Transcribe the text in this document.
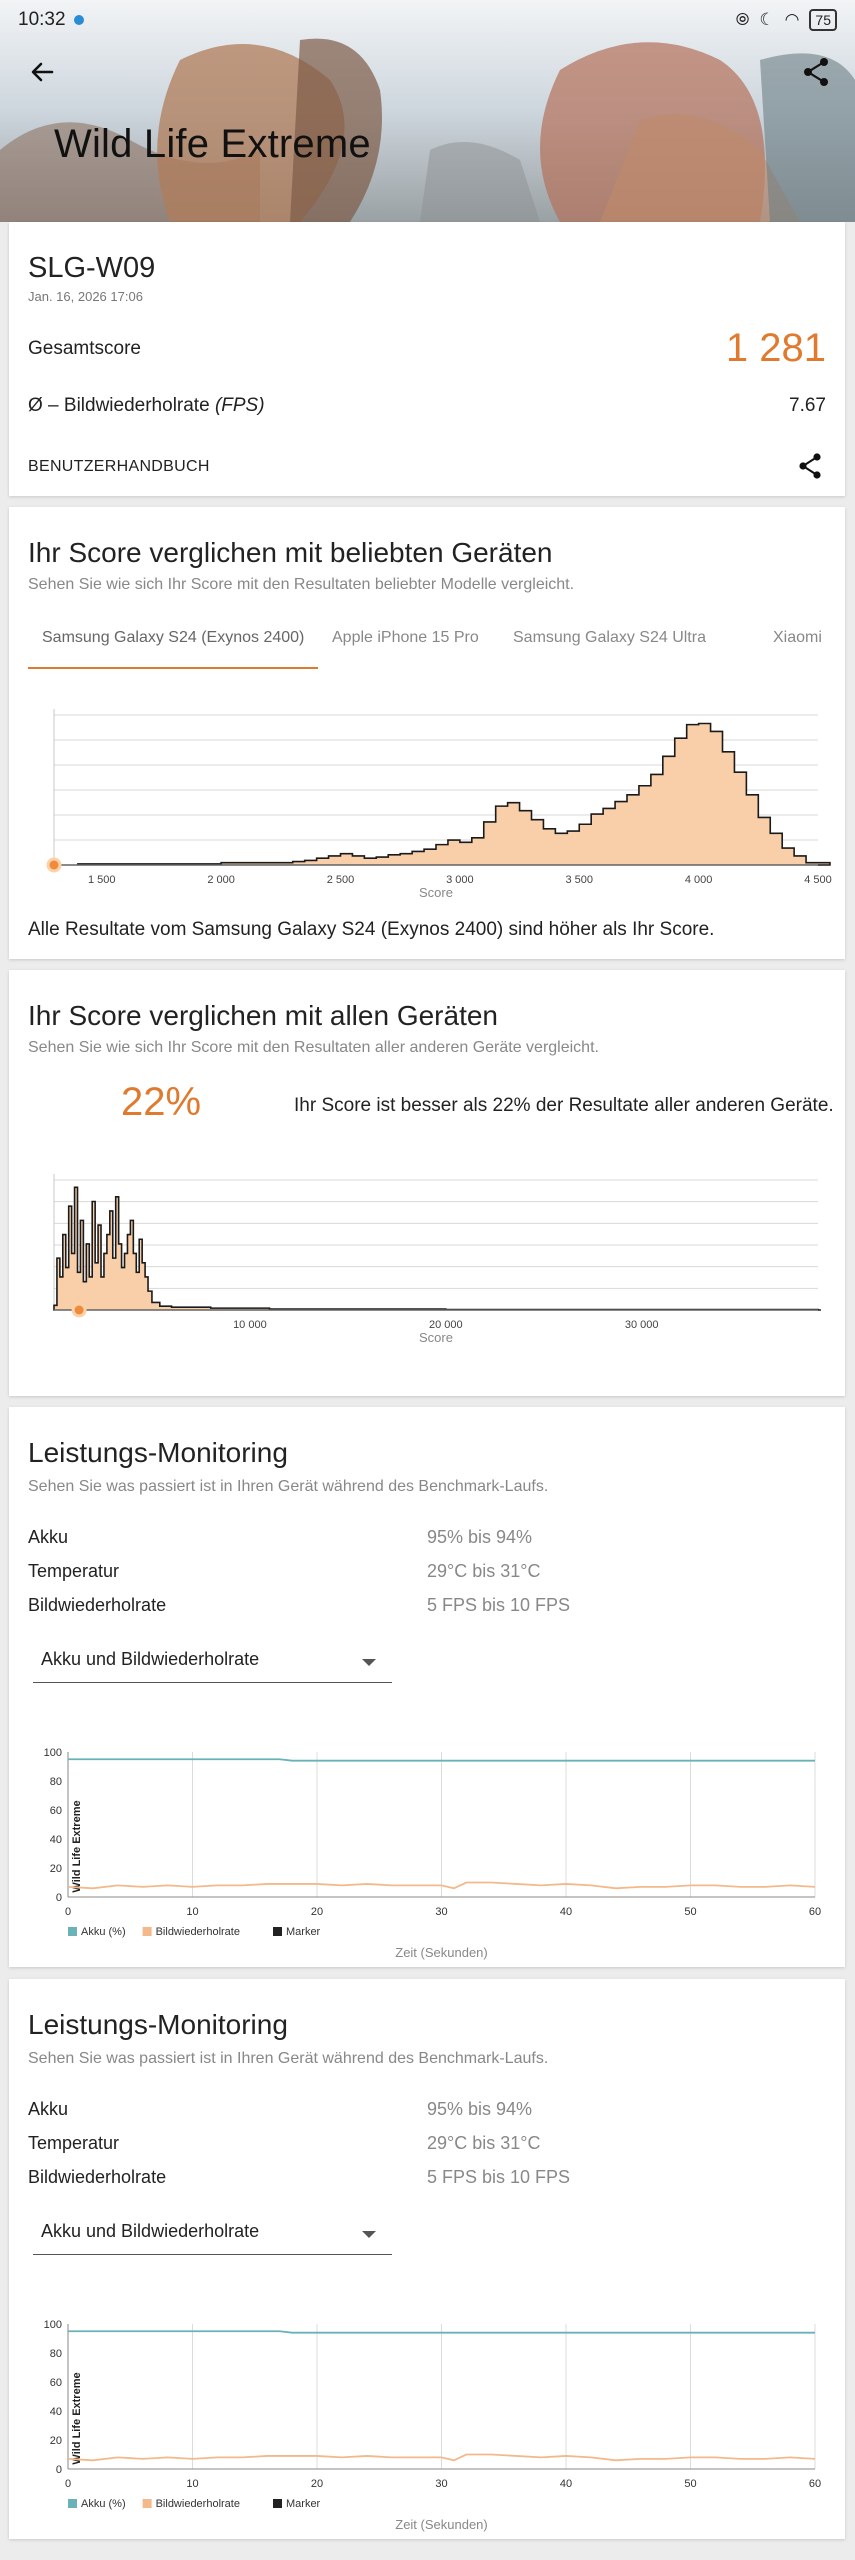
Wild Life Extreme
10:32	⦾ ☾ ◠	75
SLG-W09
Jan. 16, 2026 17:06
Gesamtscore	1 281
Ø – Bildwiederholrate (FPS)	7.67
BENUTZERHANDBUCH
Ihr Score verglichen mit beliebten Geräten
Sehen Sie wie sich Ihr Score mit den Resultaten beliebter Modelle vergleicht.
Samsung Galaxy S24 (Exynos 2400)	Apple iPhone 15 Pro	Samsung Galaxy S24 Ultra	Xiaomi
1 500	2 000	2 500	3 000	3 500	4 000	4 500
Score
Alle Resultate vom Samsung Galaxy S24 (Exynos 2400) sind höher als Ihr Score.
Ihr Score verglichen mit allen Geräten
Sehen Sie wie sich Ihr Score mit den Resultaten aller anderen Geräte vergleicht.
22%	Ihr Score ist besser als 22% der Resultate aller anderen Geräte.
10 000	20 000	30 000
Score
Leistungs-Monitoring
Sehen Sie was passiert ist in Ihren Gerät während des Benchmark-Laufs.
Akku	95% bis 94%
Temperatur	29°C bis 31°C
Bildwiederholrate	5 FPS bis 10 FPS
Akku und Bildwiederholrate
0	10	20	30	40	50	60
0
20
40
60
80
100
Wild Life Extreme
Akku (%)	Bildwiederholrate	Marker
Zeit (Sekunden)
Leistungs-Monitoring
Sehen Sie was passiert ist in Ihren Gerät während des Benchmark-Laufs.
Akku	95% bis 94%
Temperatur	29°C bis 31°C
Bildwiederholrate	5 FPS bis 10 FPS
Akku und Bildwiederholrate
0	10	20	30	40	50	60
0
20
40
60
80
100
Wild Life Extreme
Akku (%)	Bildwiederholrate	Marker
Zeit (Sekunden)
